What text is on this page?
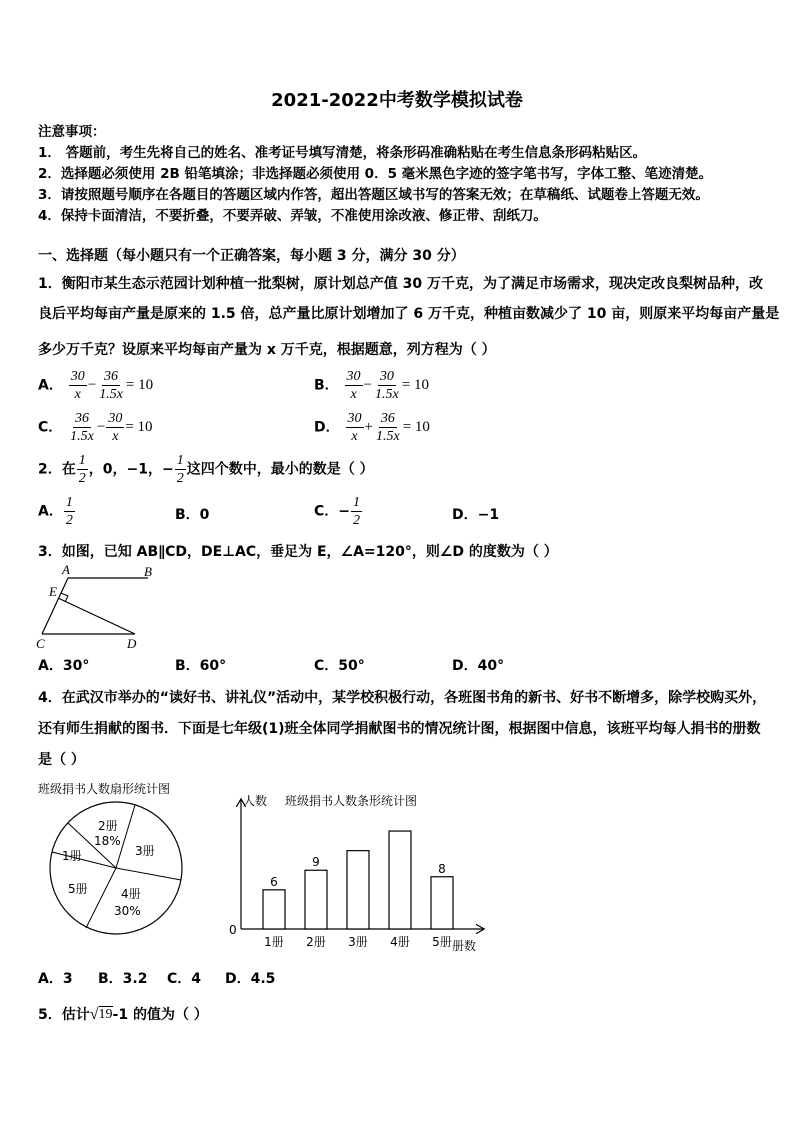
2021-2022中考数学模拟试卷
注意事项：
1． 答题前，考生先将自己的姓名、准考证号填写清楚，将条形码准确粘贴在考生信息条形码粘贴区。
2．选择题必须使用 2B 铅笔填涂；非选择题必须使用 0．5 毫米黑色字迹的签字笔书写，字体工整、笔迹清楚。
3．请按照题号顺序在各题目的答题区域内作答，超出答题区域书写的答案无效；在草稿纸、试题卷上答题无效。
4．保持卡面清洁，不要折叠，不要弄破、弄皱，不准使用涂改液、修正带、刮纸刀。
一、选择题（每小题只有一个正确答案，每小题 3 分，满分 30 分）
1．衡阳市某生态示范园计划种植一批梨树，原计划总产值 30 万千克，为了满足市场需求，现决定改良梨树品种，改
良后平均每亩产量是原来的 1.5 倍，总产量比原计划增加了 6 万千克，种植亩数减少了 10 亩，则原来平均每亩产量是
多少万千克？设原来平均每亩产量为 x 万千克，根据题意，列方程为（ ）
A． $\frac{30}{x} - \frac{36}{1.5x} = 10$	B． $\frac{30}{x} - \frac{30}{1.5x} = 10$
C． $\frac{36}{1.5x} - \frac{30}{x} = 10$	D． $\frac{30}{x} + \frac{36}{1.5x} = 10$
2．在 $\frac{1}{2}$ ，0，−1，− $\frac{1}{2}$ 这四个数中，最小的数是（ ）
A． $\frac{1}{2}$	B．0	C．− $\frac{1}{2}$	D．−1
3．如图，已知 AB∥CD，DE⊥AC，垂足为 E，∠A=120°，则∠D 的度数为（ ）
A	B
E
C	D
A．30°	B．60°	C．50°	D．40°
4．在武汉市举办的“读好书、讲礼仪”活动中，某学校积极行动，各班图书角的新书、好书不断增多，除学校购买外，
还有师生捐献的图书．下面是七年级(1)班全体同学捐献图书的情况统计图，根据图中信息，该班平均每人捐书的册数
是（ ）
班级捐书人数扇形统计图
2册
18%
3册
4册
30%
5册
1册
人数 班级捐书人数条形统计图
0
册数
6
1册
9
2册 3册 4册
8
5册
A．3 B．3.2 C．4 D．4.5
5．估计√19-1 的值为（ ）
